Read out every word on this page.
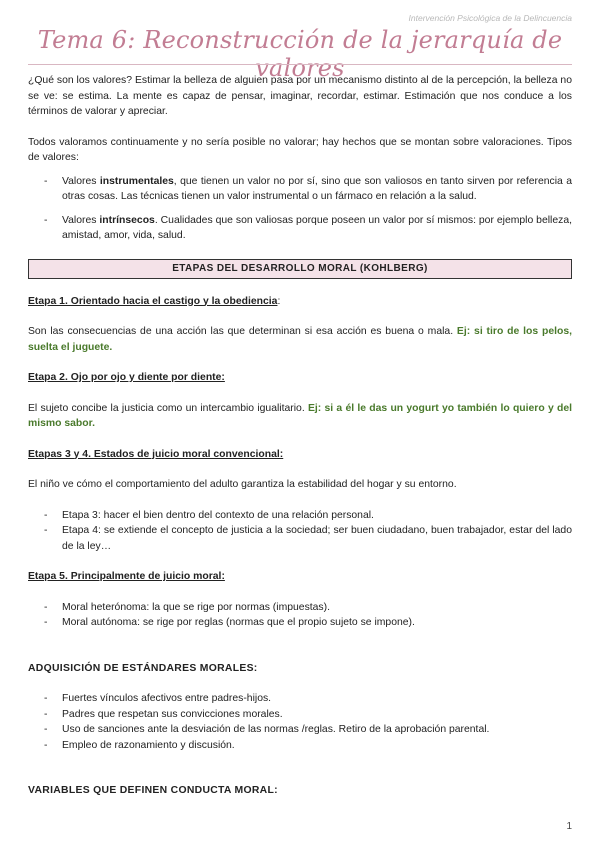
Intervención Psicológica de la Delincuencia
Tema 6: Reconstrucción de la jerarquía de valores

¿Qué son los valores? Estimar la belleza de alguien pasa por un mecanismo distinto al de la percepción, la belleza no se ve: se estima. La mente es capaz de pensar, imaginar, recordar, estimar. Estimación que nos conduce a los términos de valorar y apreciar.

Todos valoramos continuamente y no sería posible no valorar; hay hechos que se montan sobre valoraciones. Tipos de valores:

- Valores instrumentales, que tienen un valor no por sí, sino que son valiosos en tanto sirven por referencia a otras cosas. Las técnicas tienen un valor instrumental o un fármaco en relación a la salud.
- Valores intrínsecos. Cualidades que son valiosas porque poseen un valor por sí mismos: por ejemplo belleza, amistad, amor, vida, salud.
ETAPAS DEL DESARROLLO MORAL (KOHLBERG)

Etapa 1. Orientado hacia el castigo y la obediencia:

Son las consecuencias de una acción las que determinan si esa acción es buena o mala. Ej: si tiro de los pelos, suelta el juguete.

Etapa 2. Ojo por ojo y diente por diente:

El sujeto concibe la justicia como un intercambio igualitario. Ej: si a él le das un yogurt yo también lo quiero y del mismo sabor.

Etapas 3 y 4. Estados de juicio moral convencional:

El niño ve cómo el comportamiento del adulto garantiza la estabilidad del hogar y su entorno.

- Etapa 3: hacer el bien dentro del contexto de una relación personal.
- Etapa 4: se extiende el concepto de justicia a la sociedad; ser buen ciudadano, buen trabajador, estar del lado de la ley…

Etapa 5. Principalmente de juicio moral:

- Moral heterónoma: la que se rige por normas (impuestas).
- Moral autónoma: se rige por reglas (normas que el propio sujeto se impone).

ADQUISICIÓN DE ESTÁNDARES MORALES:

- Fuertes vínculos afectivos entre padres-hijos.
- Padres que respetan sus convicciones morales.
- Uso de sanciones ante la desviación de las normas /reglas. Retiro de la aprobación parental.
- Empleo de razonamiento y discusión.

VARIABLES QUE DEFINEN CONDUCTA MORAL:

1
